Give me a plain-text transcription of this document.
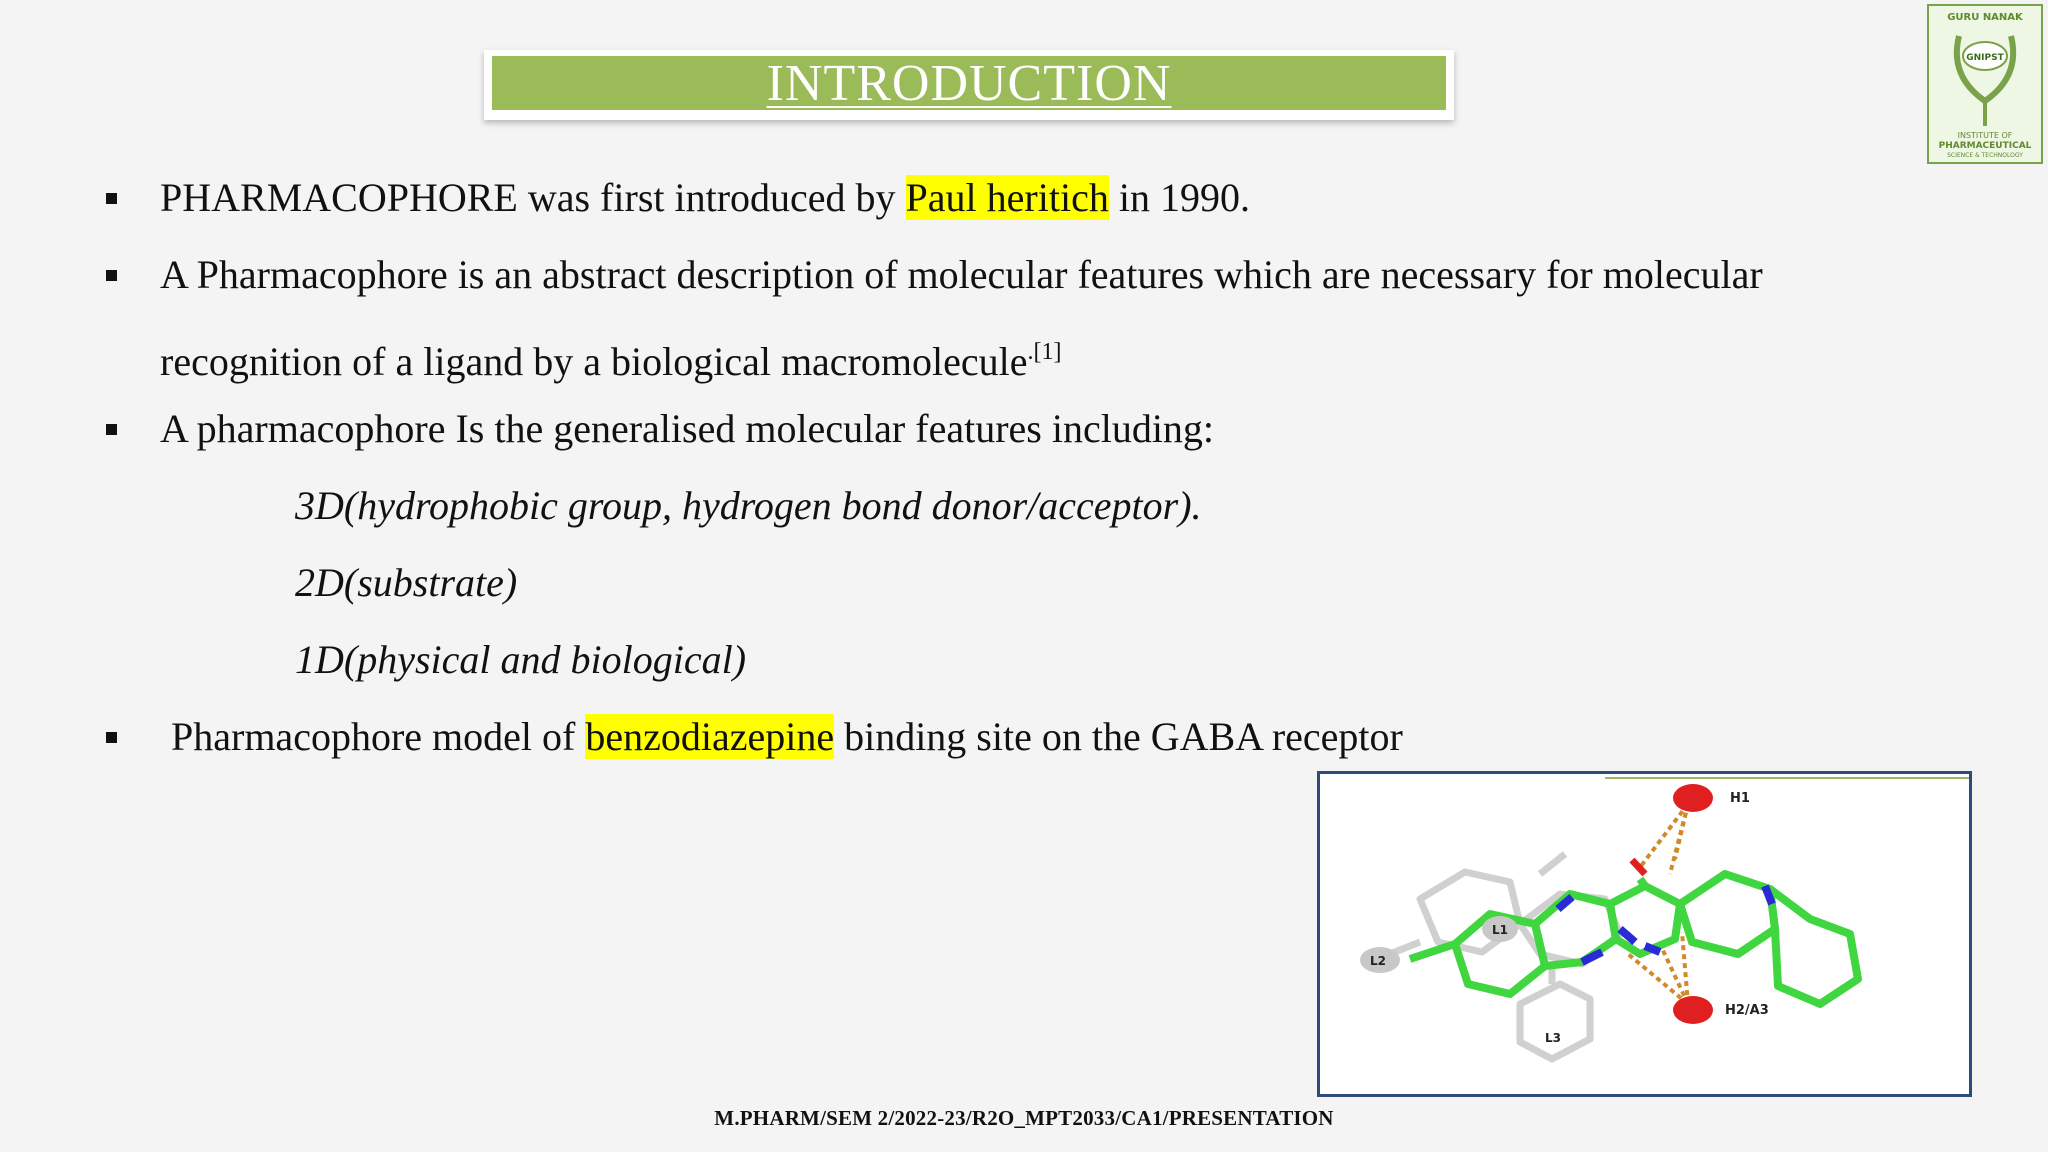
INTRODUCTION
GURU NANAK
GNIPST
INSTITUTE OF
PHARMACEUTICAL
SCIENCE & TECHNOLOGY
PHARMACOPHORE was first introduced by Paul heritich in 1990.
A Pharmacophore is an abstract description of molecular features which are necessary for molecular
recognition of a ligand by a biological macromolecule$^{.[1]}$
A pharmacophore Is the generalised molecular features including:
3D(hydrophobic group, hydrogen bond donor/acceptor).
2D(substrate)
1D(physical and biological)
Pharmacophore model of benzodiazepine binding site on the GABA receptor
H1
H2/A3
L1
L2
L3
M.PHARM/SEM 2/2022-23/R2O_MPT2033/CA1/PRESENTATION
